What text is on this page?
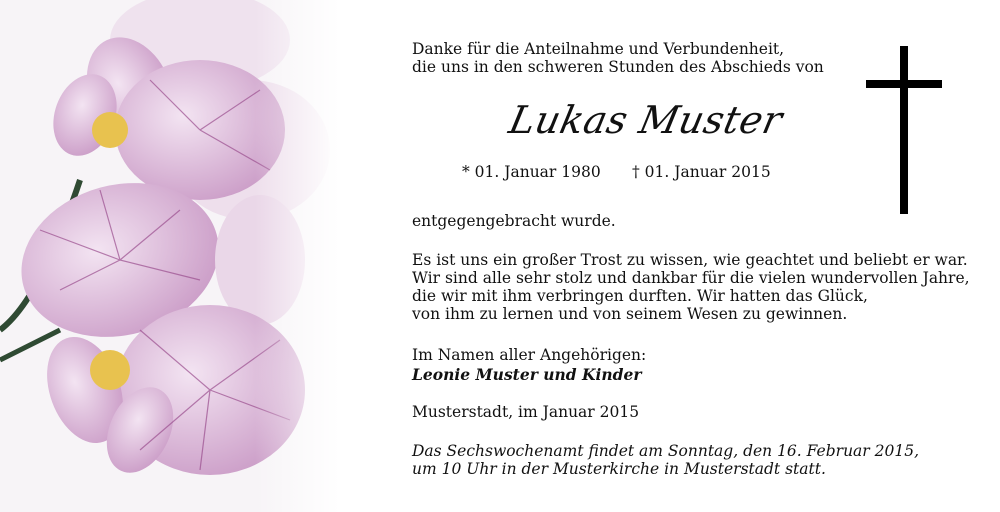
Danke für die Anteilnahme und Verbundenheit,
die uns in den schweren Stunden des Abschieds von
Lukas Muster
* 01. Januar 1980 † 01. Januar 2015
entgegengebracht wurde.
Es ist uns ein großer Trost zu wissen, wie geachtet und beliebt er war.
Wir sind alle sehr stolz und dankbar für die vielen wundervollen Jahre,
die wir mit ihm verbringen durften. Wir hatten das Glück,
von ihm zu lernen und von seinem Wesen zu gewinnen.
Im Namen aller Angehörigen:
Leonie Muster und Kinder
Musterstadt, im Januar 2015
Das Sechswochenamt findet am Sonntag, den 16. Februar 2015,
um 10 Uhr in der Musterkirche in Musterstadt statt.
